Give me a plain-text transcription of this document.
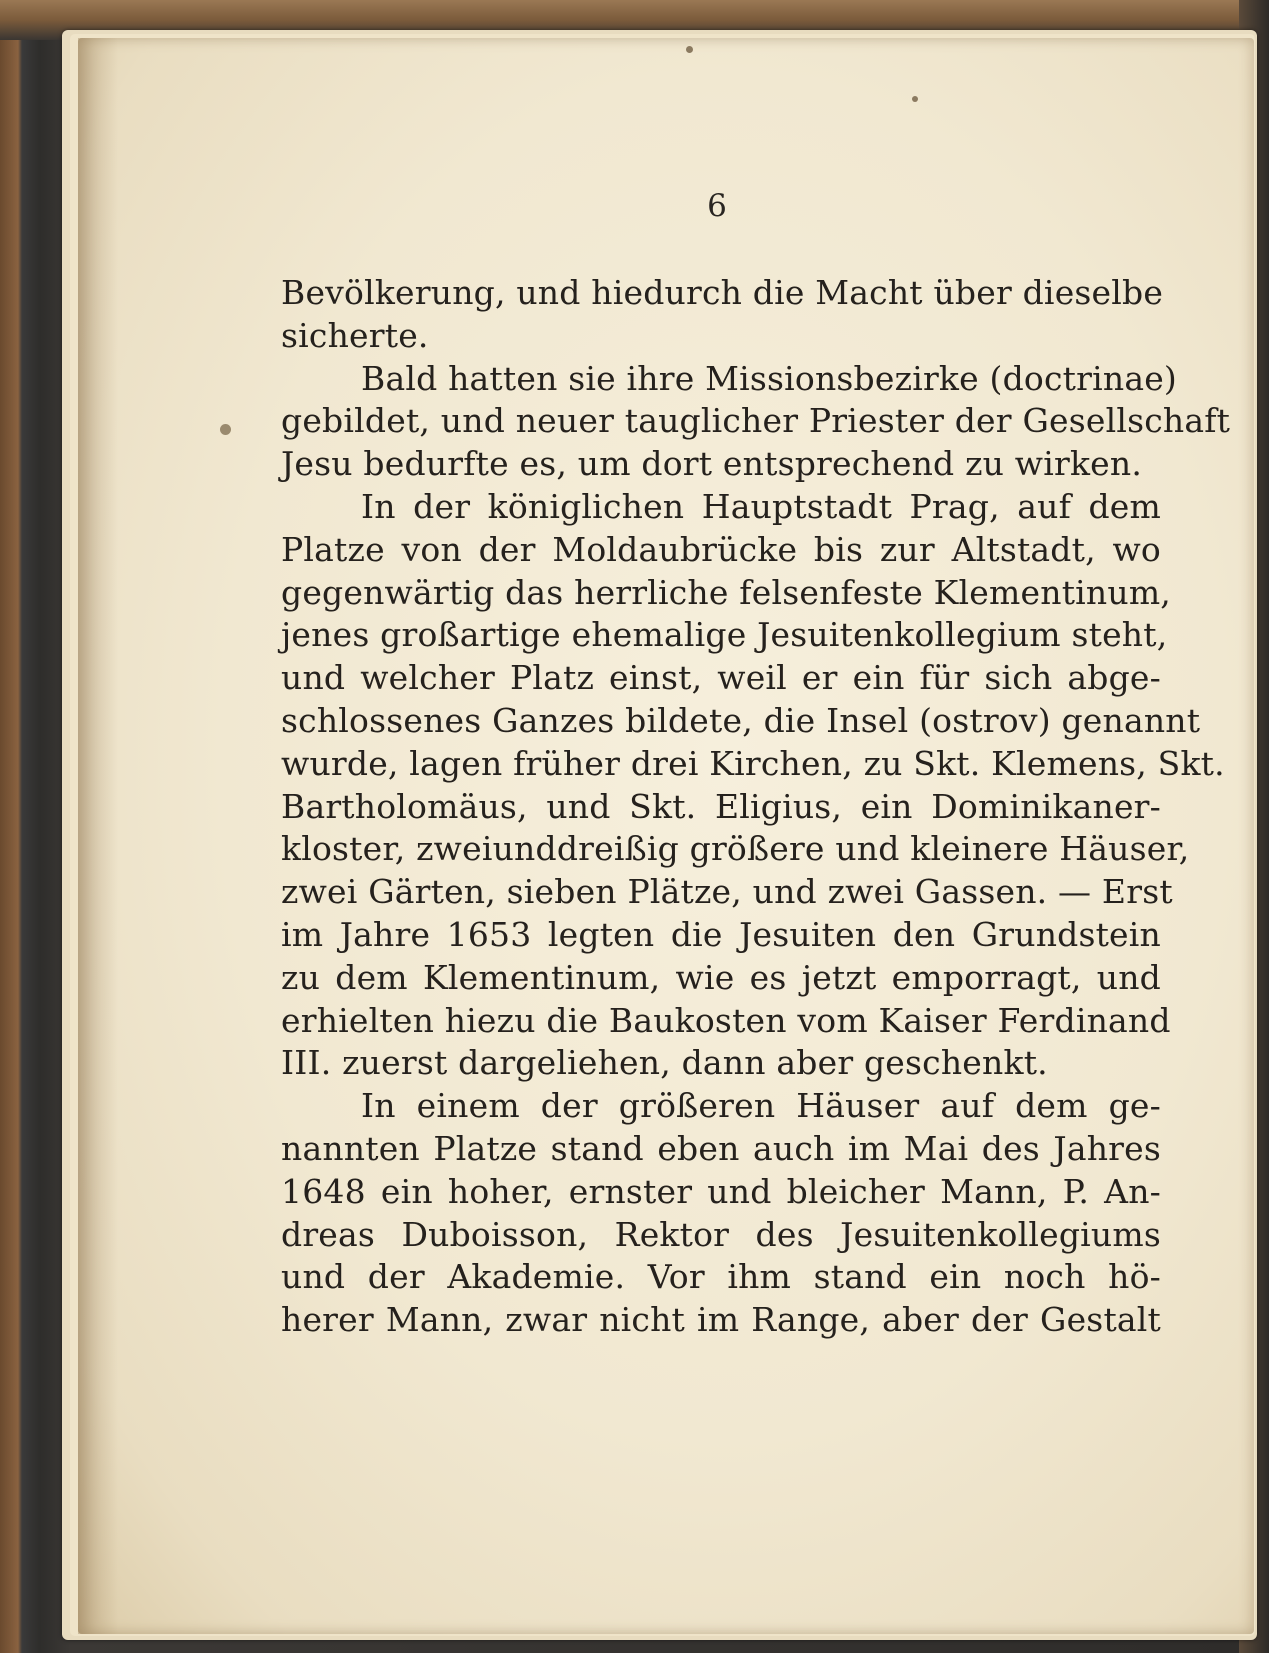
6
Bevölkerung, und hiedurch die Macht über dieselbe
sicherte.
Bald hatten sie ihre Missionsbezirke (doctrinae)
gebildet, und neuer tauglicher Priester der Gesellschaft
Jesu bedurfte es, um dort entsprechend zu wirken.
In der königlichen Hauptstadt Prag, auf dem
Platze von der Moldaubrücke bis zur Altstadt, wo
gegenwärtig das herrliche felsenfeste Klementinum,
jenes großartige ehemalige Jesuitenkollegium steht,
und welcher Platz einst, weil er ein für sich abge-
schlossenes Ganzes bildete, die Insel (ostrov) genannt
wurde, lagen früher drei Kirchen, zu Skt. Klemens, Skt.
Bartholomäus, und Skt. Eligius, ein Dominikaner-
kloster, zweiunddreißig größere und kleinere Häuser,
zwei Gärten, sieben Plätze, und zwei Gassen. — Erst
im Jahre 1653 legten die Jesuiten den Grundstein
zu dem Klementinum, wie es jetzt emporragt, und
erhielten hiezu die Baukosten vom Kaiser Ferdinand
III. zuerst dargeliehen, dann aber geschenkt.
In einem der größeren Häuser auf dem ge-
nannten Platze stand eben auch im Mai des Jahres
1648 ein hoher, ernster und bleicher Mann, P. An-
dreas Duboisson, Rektor des Jesuitenkollegiums
und der Akademie. Vor ihm stand ein noch hö-
herer Mann, zwar nicht im Range, aber der Gestalt
